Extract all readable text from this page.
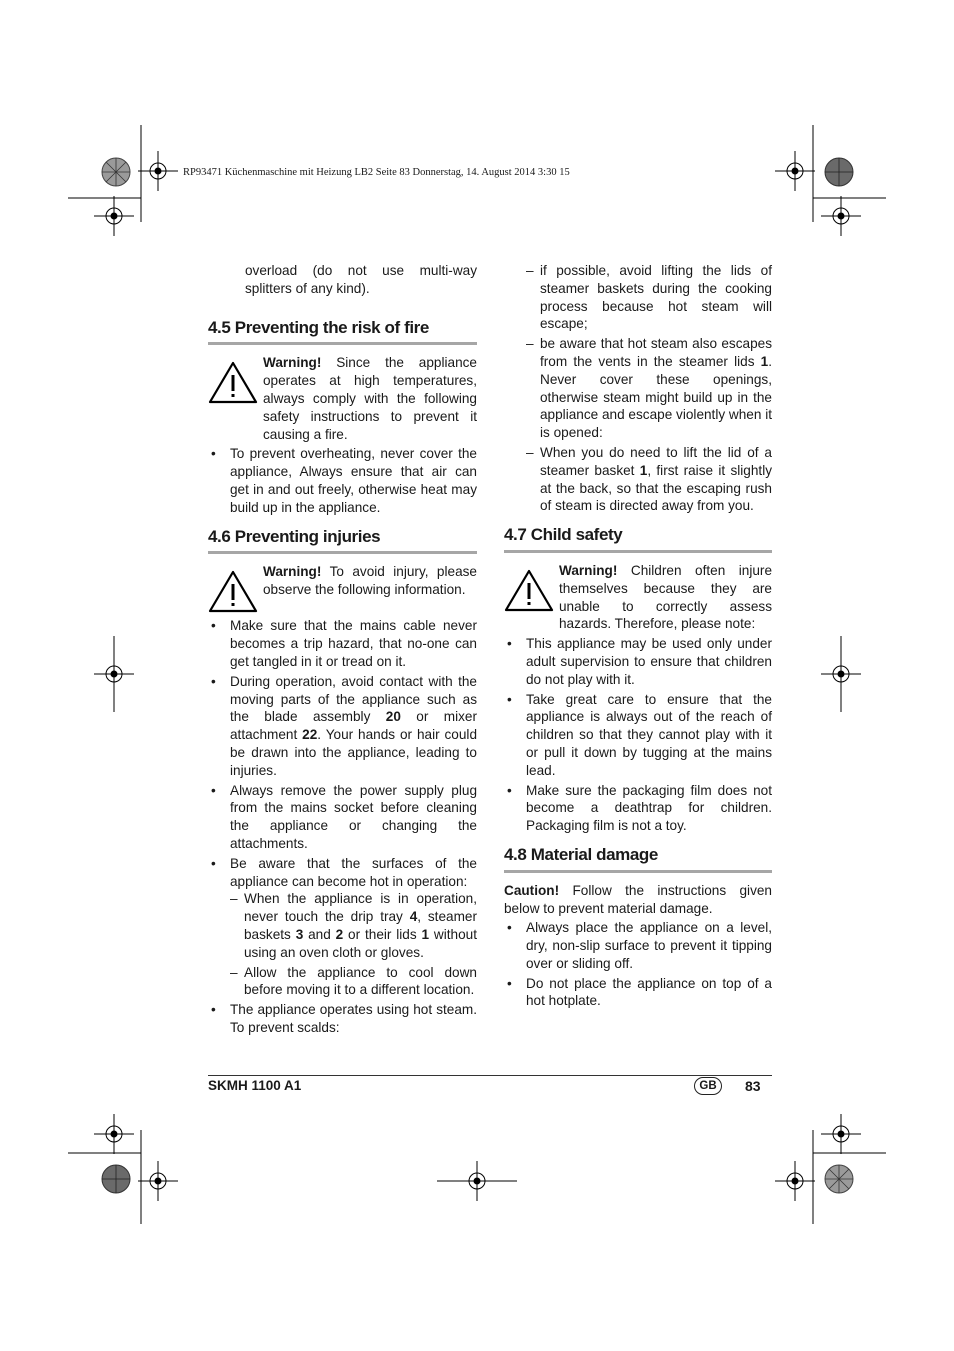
RP93471 Küchenmaschine mit Heizung LB2 Seite 83 Donnerstag, 14. August 2014 3:30 15

overload (do not use multi-way splitters of any kind).

4.5 Preventing the risk of fire
Warning! Since the appliance operates at high temperatures, always comply with the following safety instructions to prevent it causing a fire.
• To prevent overheating, never cover the appliance, Always ensure that air can get in and out freely, otherwise heat may build up in the appliance.
4.6 Preventing injuries
Warning! To avoid injury, please observe the following information.
• Make sure that the mains cable never becomes a trip hazard, that no-one can get tangled in it or tread on it.
• During operation, avoid contact with the moving parts of the appliance such as the blade assembly 20 or mixer attachment 22. Your hands or hair could be drawn into the appliance, leading to injuries.
• Always remove the power supply plug from the mains socket before cleaning the appliance or changing the attachments.
• Be aware that the surfaces of the appliance can become hot in operation:
– When the appliance is in operation, never touch the drip tray 4, steamer baskets 3 and 2 or their lids 1 without using an oven cloth or gloves.
– Allow the appliance to cool down before moving it to a different location.
• The appliance operates using hot steam. To prevent scalds:
– if possible, avoid lifting the lids of steamer baskets during the cooking process because hot steam will escape;
– be aware that hot steam also escapes from the vents in the steamer lids 1. Never cover these openings, otherwise steam might build up in the appliance and escape violently when it is opened:
– When you do need to lift the lid of a steamer basket 1, first raise it slightly at the back, so that the escaping rush of steam is directed away from you.
4.7 Child safety
Warning! Children often injure themselves because they are unable to correctly assess hazards. Therefore, please note:
• This appliance may be used only under adult supervision to ensure that children do not play with it.
• Take great care to ensure that the appliance is always out of the reach of children so that they cannot play with it or pull it down by tugging at the mains lead.
• Make sure the packaging film does not become a deathtrap for children. Packaging film is not a toy.
4.8 Material damage

Caution! Follow the instructions given below to prevent material damage.

• Always place the appliance on a level, dry, non-slip surface to prevent it tipping over or sliding off.
• Do not place the appliance on top of a hot hotplate.
SKMH 1100 A1	GB	83
